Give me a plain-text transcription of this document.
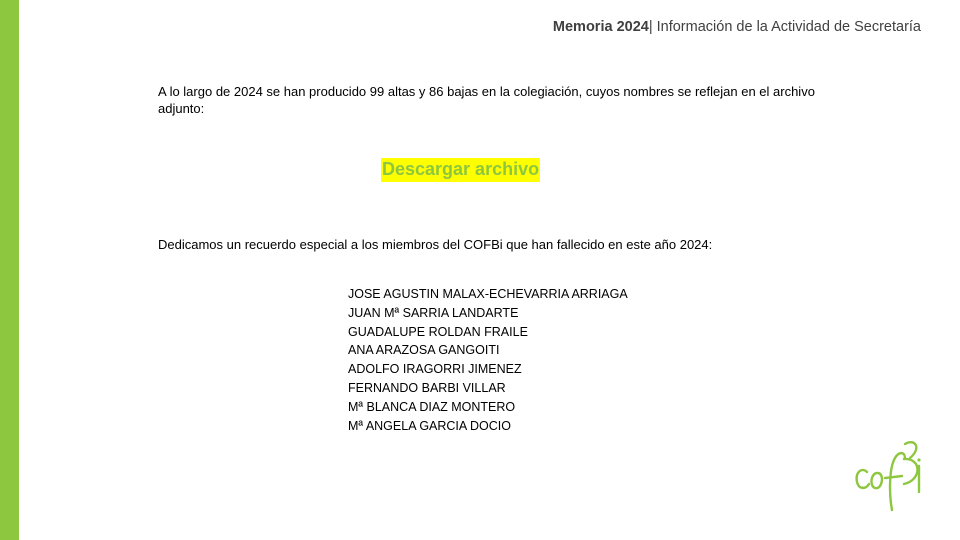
Memoria 2024| Información de la Actividad de Secretaría
A lo largo de 2024 se han producido 99 altas y 86 bajas en la colegiación, cuyos nombres se reflejan en el archivo adjunto:
Descargar archivo
Dedicamos un recuerdo especial a los miembros del COFBi que han fallecido en este año 2024:
JOSE AGUSTIN MALAX-ECHEVARRIA ARRIAGA
JUAN Mª SARRIA LANDARTE
GUADALUPE ROLDAN FRAILE
ANA ARAZOSA GANGOITI
ADOLFO IRAGORRI JIMENEZ
FERNANDO BARBI VILLAR
Mª BLANCA DIAZ MONTERO
Mª ANGELA GARCIA DOCIO
